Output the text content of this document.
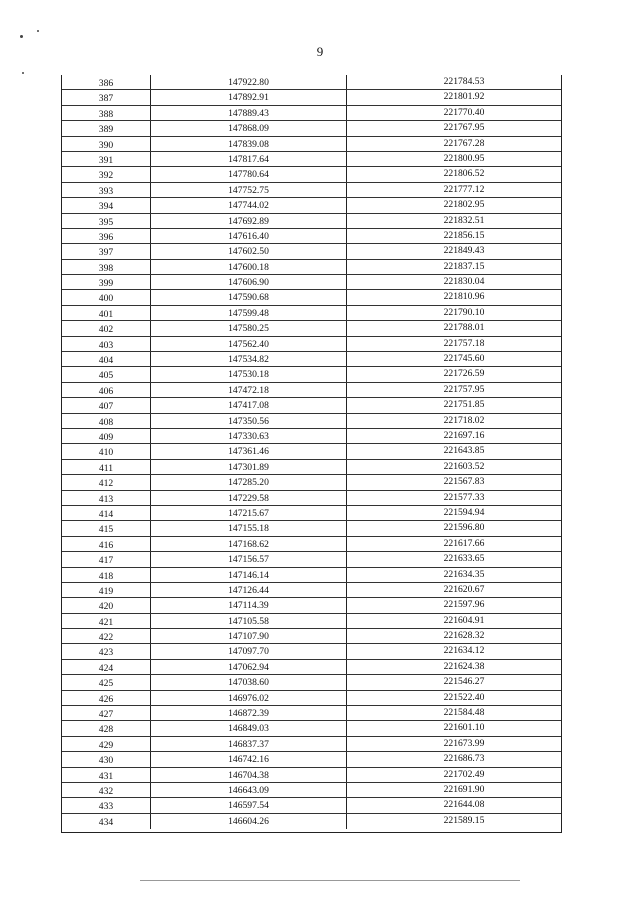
9
386	147922.80	221784.53
387	147892.91	221801.92
388	147889.43	221770.40
389	147868.09	221767.95
390	147839.08	221767.28
391	147817.64	221800.95
392	147780.64	221806.52
393	147752.75	221777.12
394	147744.02	221802.95
395	147692.89	221832.51
396	147616.40	221856.15
397	147602.50	221849.43
398	147600.18	221837.15
399	147606.90	221830.04
400	147590.68	221810.96
401	147599.48	221790.10
402	147580.25	221788.01
403	147562.40	221757.18
404	147534.82	221745.60
405	147530.18	221726.59
406	147472.18	221757.95
407	147417.08	221751.85
408	147350.56	221718.02
409	147330.63	221697.16
410	147361.46	221643.85
411	147301.89	221603.52
412	147285.20	221567.83
413	147229.58	221577.33
414	147215.67	221594.94
415	147155.18	221596.80
416	147168.62	221617.66
417	147156.57	221633.65
418	147146.14	221634.35
419	147126.44	221620.67
420	147114.39	221597.96
421	147105.58	221604.91
422	147107.90	221628.32
423	147097.70	221634.12
424	147062.94	221624.38
425	147038.60	221546.27
426	146976.02	221522.40
427	146872.39	221584.48
428	146849.03	221601.10
429	146837.37	221673.99
430	146742.16	221686.73
431	146704.38	221702.49
432	146643.09	221691.90
433	146597.54	221644.08
434	146604.26	221589.15
